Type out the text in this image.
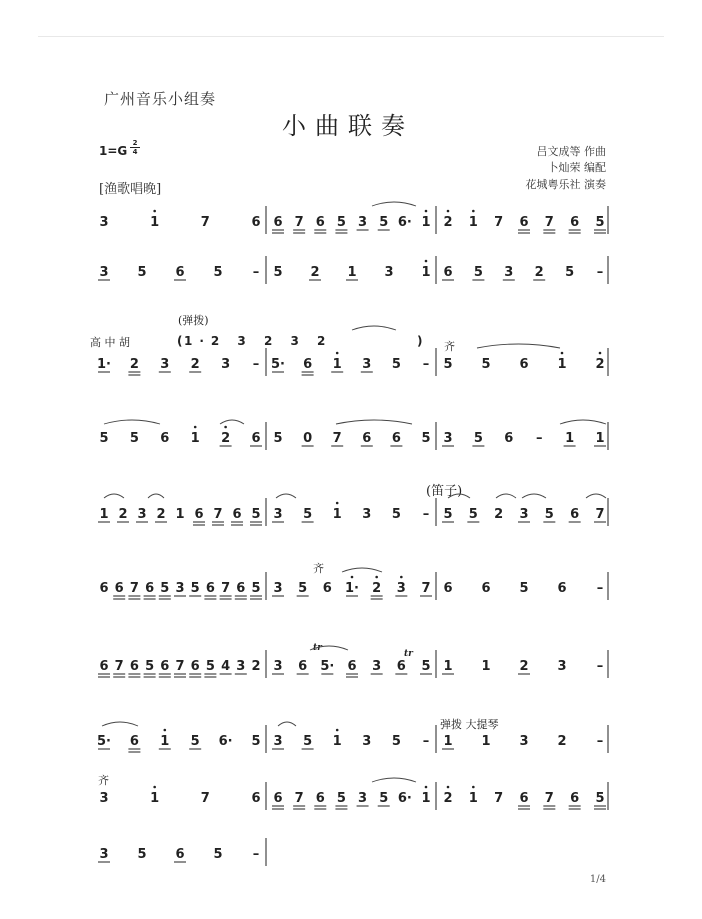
广州音乐小组奏
小曲联奏
1=G
2
4	吕文成等 作曲
卜灿荣 编配
花城粤乐社 演奏
[渔歌唱晚]
(弹拨)
高 中 胡	齐
(笛子)
齐
tr
tr
弹拨 大提琴
齐
( 1·2 3 2 3 2	)
3	1	7	6 6 7 6 5 3 5 6· 1 2 1 7 6 7 6 5
3 5 6 5 – 5 2 1 3 1 6 5 3 2 5 –
1· 2 3 2 3 – 5· 6 1 3 5 – 5 5 6 1 2
5 5 6 1 2 6 5 0 7 6 6 5 3 5 6 – 1 1
1 2 3 2 1 6 7 6 5 3 5 1 3 5 – 5 5 2 3 5 6 7
6 6 7 6 5 3 5 6 7 6 5 3 5 6 1· 2 3 7 6 6 5 6 –
6 7 6 5 6 7 6 5 4 3 2 3 6 5· 6 3 6 5 1 1 2 3 –
5· 6 1 5 6· 5 3 5 1 3 5 – 1 1 3 2 –
3	1	7	6 6 7 6 5 3 5 6· 1 2 1 7 6 7 6 5
3 5 6 5 –
1/4
